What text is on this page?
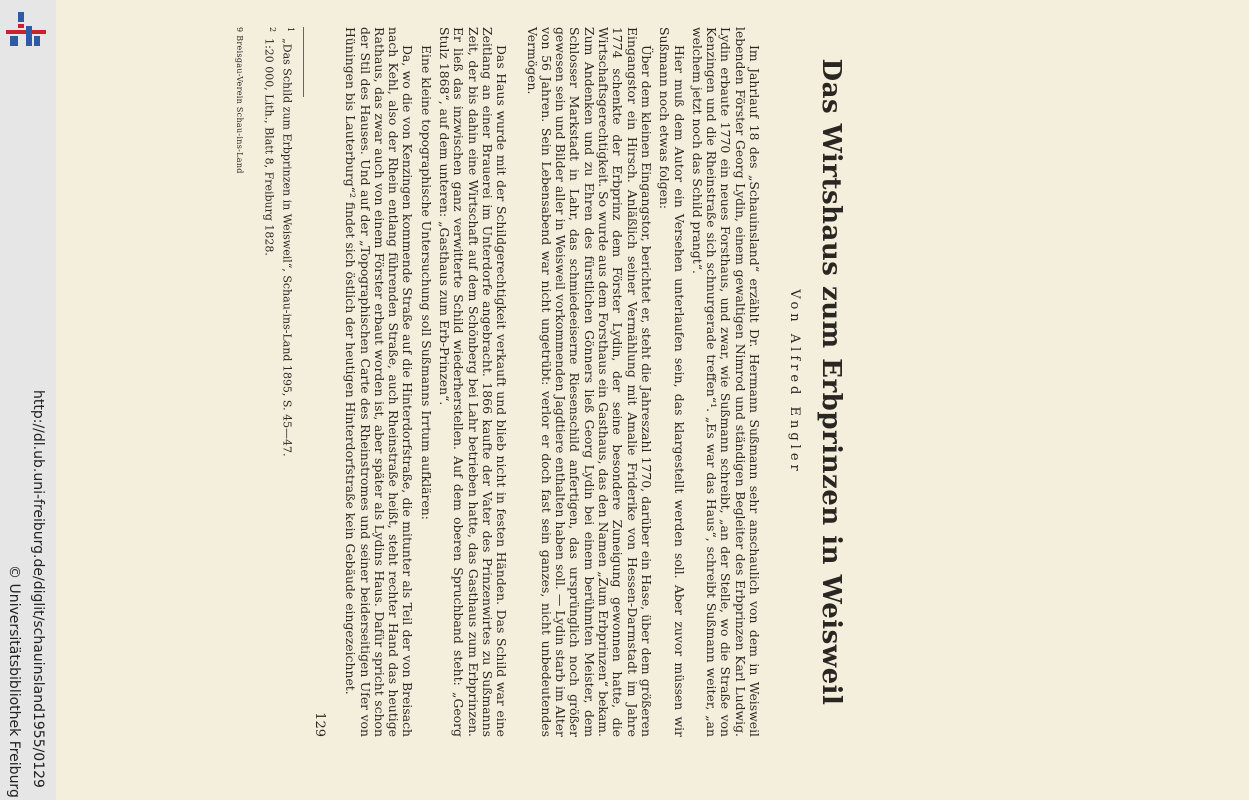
http://dl.ub.uni-freiburg.de/diglit/schauinsland1955/0129
© Universitätsbibliothek Freiburg	Das Wirtshaus zum Erbprinzen in Weisweil
Von Alfred Engler

Im Jahrlauf 18 des „Schauinsland“ erzählt Dr. Hermann Sußmann sehr anschaulich von dem in Weisweil lebenden Förster Georg Lydin, einem gewaltigen Nimrod und ständigen Begleiter des Erbprinzen Karl Ludwig. Lydin erbaute 1770 ein neues Forsthaus, und zwar, wie Sußmann schreibt, „an der Stelle, wo die Straße von Kenzingen und die Rheinstraße sich schnurgerade treffen“¹. „Es war das Haus“, schreibt Sußmann weiter, „an welchem jetzt noch das Schild prangt“.

Hier muß dem Autor ein Versehen unterlaufen sein, das klargestellt werden soll. Aber zuvor müssen wir Sußmann noch etwas folgen:

Über dem kleinen Eingangstor, berichtet er, steht die Jahreszahl 1770, darüber ein Hase, über dem größeren Eingangstor ein Hirsch. Anläßlich seiner Vermählung mit Amalie Friderike von Hessen-Darmstadt im Jahre 1774 schenkte der Erbprinz dem Förster Lydin, der seine besondere Zuneigung gewonnen hatte, die Wirtschaftsgerechtigkeit. So wurde aus dem Forsthaus ein Gasthaus, das den Namen „Zum Erbprinzen“ bekam. Zum Andenken und zu Ehren des fürstlichen Gönners ließ Georg Lydin bei einem berühmten Meister, dem Schlosser Markstadt in Lahr, das schmiedeeiserne Riesenschild anfertigen, das ursprünglich noch größer gewesen sein und Bilder aller in Weisweil vorkommenden Jagdtiere enthalten haben soll. — Lydin starb im Alter von 56 Jahren. Sein Lebensabend war nicht ungetrübt: verlor er doch fast sein ganzes, nicht unbedeutendes Vermögen.

Das Haus wurde mit der Schildgerechtigkeit verkauft und blieb nicht in festen Händen. Das Schild war eine Zeitlang an einer Brauerei im Unterdorfe angebracht. 1866 kaufte der Vater des Prinzenwirtes zu Sußmanns Zeit, der bis dahin eine Wirtschaft auf dem Schönberg bei Lahr betrieben hatte, das Gasthaus zum Erbprinzen. Er ließ das inzwischen ganz verwitterte Schild wiederherstellen. Auf dem oberen Spruchband steht: „Georg Stulz 1868“, auf dem unteren: „Gasthaus zum Erb-Prinzen“.

Eine kleine topographische Untersuchung soll Sußmanns Irrtum aufklären:

Da, wo die von Kenzingen kommende Straße auf die Hinterdorfstraße, die mitunter als Teil der von Breisach nach Kehl, also der Rhein entlang führenden Straße, auch Rheinstraße heißt, steht rechter Hand das heutige Rathaus, das zwar auch von einem Förster erbaut worden ist, aber später als Lydins Haus. Dafür spricht schon der Stil des Hauses. Und auf der „Topographischen Carte des Rheinstromes und seiner beiderseitigen Ufer von Hüningen bis Lauterburg“² findet sich östlich der heutigen Hinterdorfstraße kein Gebäude eingezeichnet.

129

$^1$„Das Schild zum Erbprinzen in Weisweil“, Schau-ins-Land 1895, S. 45—47.

$^2$1:20 000, Lith., Blatt 8, Freiburg 1828.

9 Breisgau-Verein Schau-ins-Land
